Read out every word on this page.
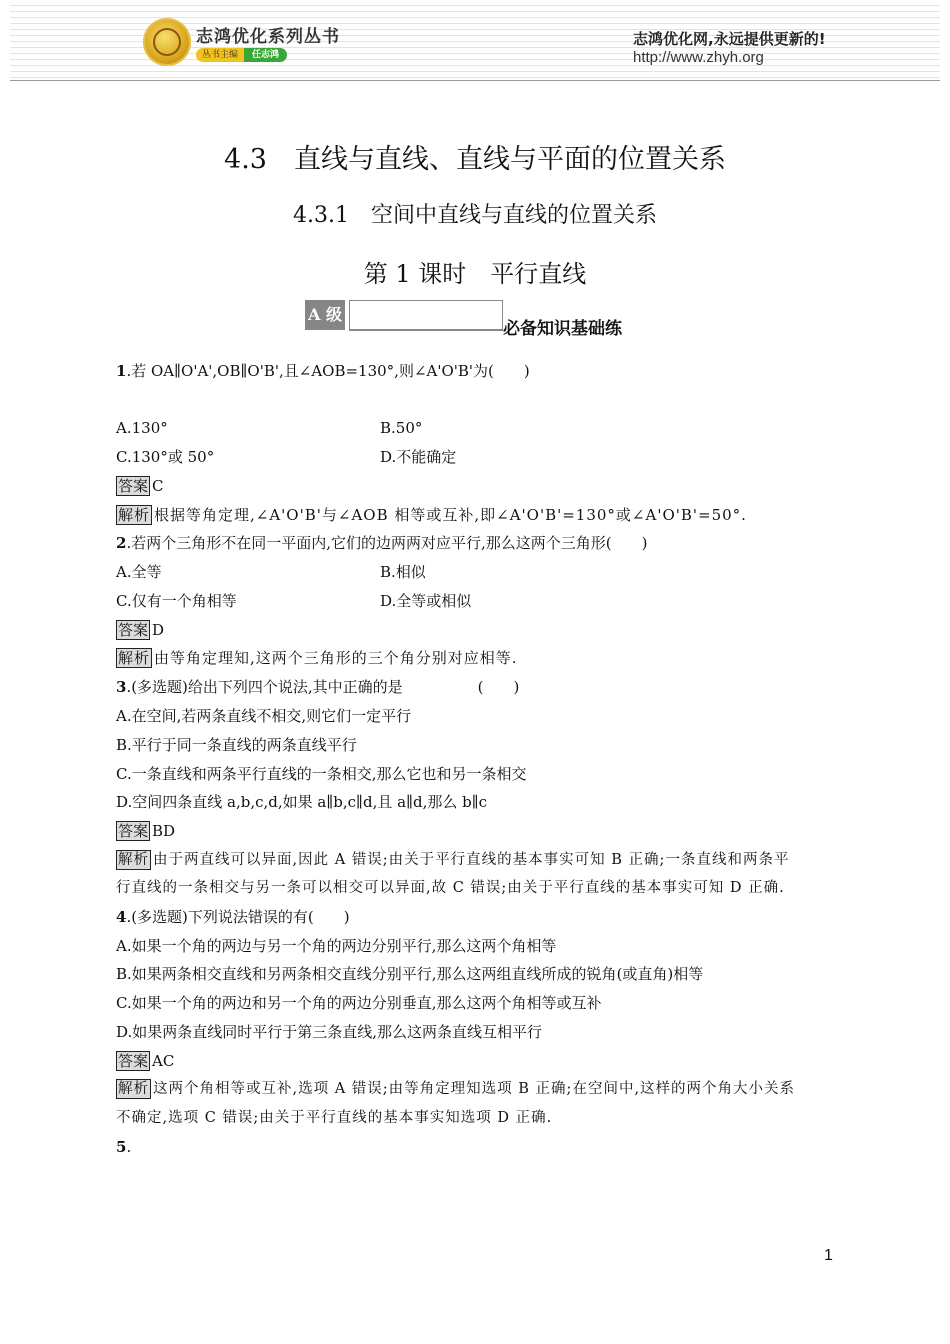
志鸿优化系列丛书
丛书主编	任志鸿
志鸿优化网,永远提供更新的!
http://www.zhyh.org
4.3　直线与直线、直线与平面的位置关系
4.3.1　空间中直线与直线的位置关系
第 1 课时　平行直线
A 级
必备知识基础练
1.若 OA∥O'A',OB∥O'B',且∠AOB=130°,则∠A'O'B'为(　　)
A.130°	B.50°
C.130°或 50°	D.不能确定
答案 C
解析 根据等角定理,∠A'O'B'与∠AOB 相等或互补,即∠A'O'B'=130°或∠A'O'B'=50°.
2.若两个三角形不在同一平面内,它们的边两两对应平行,那么这两个三角形(　　)
A.全等	B.相似
C.仅有一个角相等	D.全等或相似
答案 D
解析 由等角定理知,这两个三角形的三个角分别对应相等.
3.(多选题)给出下列四个说法,其中正确的是　　　　　(　　)
A.在空间,若两条直线不相交,则它们一定平行
B.平行于同一条直线的两条直线平行
C.一条直线和两条平行直线的一条相交,那么它也和另一条相交
D.空间四条直线 a,b,c,d,如果 a∥b,c∥d,且 a∥d,那么 b∥c
答案 BD
解析 由于两直线可以异面,因此 A 错误;由关于平行直线的基本事实可知 B 正确;一条直线和两条平
行直线的一条相交与另一条可以相交可以异面,故 C 错误;由关于平行直线的基本事实可知 D 正确.
4.(多选题)下列说法错误的有(　　)
A.如果一个角的两边与另一个角的两边分别平行,那么这两个角相等
B.如果两条相交直线和另两条相交直线分别平行,那么这两组直线所成的锐角(或直角)相等
C.如果一个角的两边和另一个角的两边分别垂直,那么这两个角相等或互补
D.如果两条直线同时平行于第三条直线,那么这两条直线互相平行
答案 AC
解析 这两个角相等或互补,选项 A 错误;由等角定理知选项 B 正确;在空间中,这样的两个角大小关系
不确定,选项 C 错误;由关于平行直线的基本事实知选项 D 正确.
5.
1
